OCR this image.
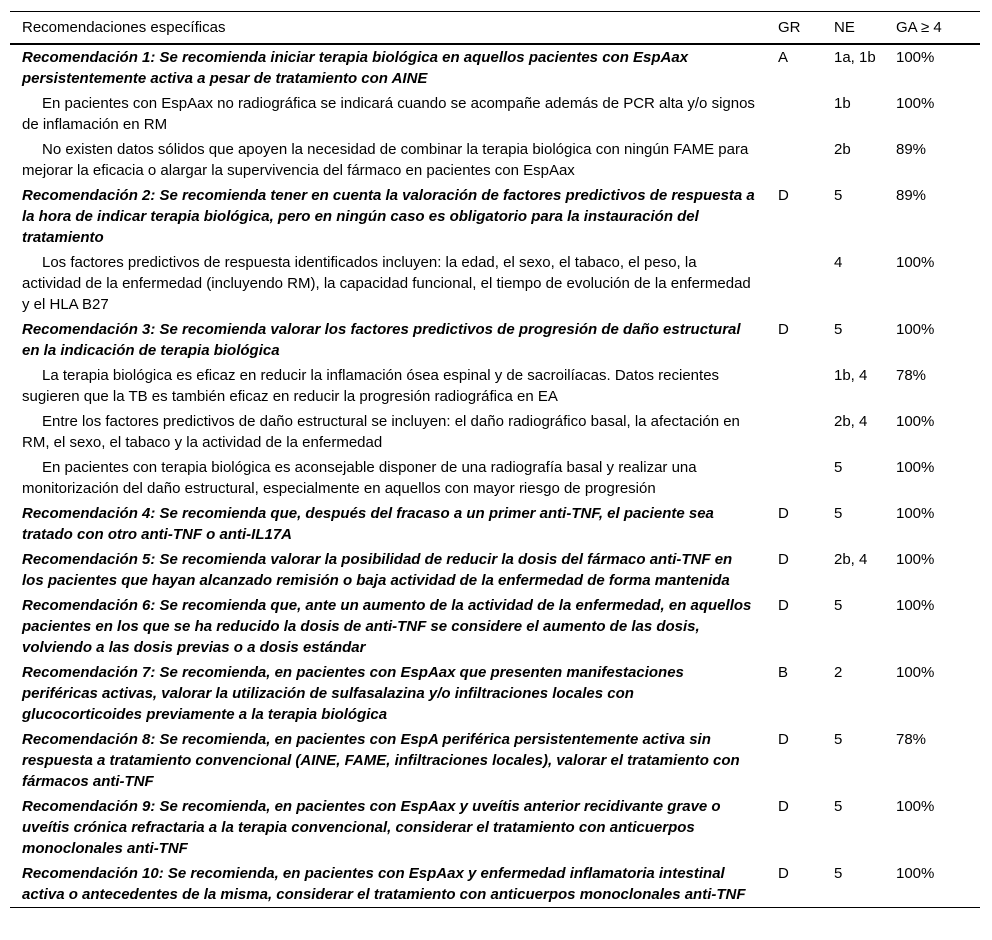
Recomendaciones específicas	GR	NE	GA ≥ 4
Recomendación 1: Se recomienda iniciar terapia biológica en aquellos pacientes con EspAax persistentemente activa a pesar de tratamiento con AINE	A	1a, 1b	100%

En pacientes con EspAax no radiográfica se indicará cuando se acompañe además de PCR alta y/o signos de inflamación en RM		1b	100%

No existen datos sólidos que apoyen la necesidad de combinar la terapia biológica con ningún FAME para mejorar la eficacia o alargar la supervivencia del fármaco en pacientes con EspAax		2b	89%
Recomendación 2: Se recomienda tener en cuenta la valoración de factores predictivos de respuesta a la hora de indicar terapia biológica, pero en ningún caso es obligatorio para la instauración del tratamiento	D	5	89%

Los factores predictivos de respuesta identificados incluyen: la edad, el sexo, el tabaco, el peso, la actividad de la enfermedad (incluyendo RM), la capacidad funcional, el tiempo de evolución de la enfermedad y el HLA B27		4	100%
Recomendación 3: Se recomienda valorar los factores predictivos de progresión de daño estructural en la indicación de terapia biológica	D	5	100%

La terapia biológica es eficaz en reducir la inflamación ósea espinal y de sacroilíacas. Datos recientes sugieren que la TB es también eficaz en reducir la progresión radiográfica en EA		1b, 4	78%

Entre los factores predictivos de daño estructural se incluyen: el daño radiográfico basal, la afectación en RM, el sexo, el tabaco y la actividad de la enfermedad		2b, 4	100%

En pacientes con terapia biológica es aconsejable disponer de una radiografía basal y realizar una monitorización del daño estructural, especialmente en aquellos con mayor riesgo de progresión		5	100%
Recomendación 4: Se recomienda que, después del fracaso a un primer anti-TNF, el paciente sea tratado con otro anti-TNF o anti-IL17A	D	5	100%
Recomendación 5: Se recomienda valorar la posibilidad de reducir la dosis del fármaco anti-TNF en los pacientes que hayan alcanzado remisión o baja actividad de la enfermedad de forma mantenida	D	2b, 4	100%
Recomendación 6: Se recomienda que, ante un aumento de la actividad de la enfermedad, en aquellos pacientes en los que se ha reducido la dosis de anti-TNF se considere el aumento de las dosis, volviendo a las dosis previas o a dosis estándar	D	5	100%
Recomendación 7: Se recomienda, en pacientes con EspAax que presenten manifestaciones periféricas activas, valorar la utilización de sulfasalazina y/o infiltraciones locales con glucocorticoides previamente a la terapia biológica	B	2	100%
Recomendación 8: Se recomienda, en pacientes con EspA periférica persistentemente activa sin respuesta a tratamiento convencional (AINE, FAME, infiltraciones locales), valorar el tratamiento con fármacos anti-TNF	D	5	78%
Recomendación 9: Se recomienda, en pacientes con EspAax y uveítis anterior recidivante grave o uveítis crónica refractaria a la terapia convencional, considerar el tratamiento con anticuerpos monoclonales anti-TNF	D	5	100%
Recomendación 10: Se recomienda, en pacientes con EspAax y enfermedad inflamatoria intestinal activa o antecedentes de la misma, considerar el tratamiento con anticuerpos monoclonales anti-TNF	D	5	100%
